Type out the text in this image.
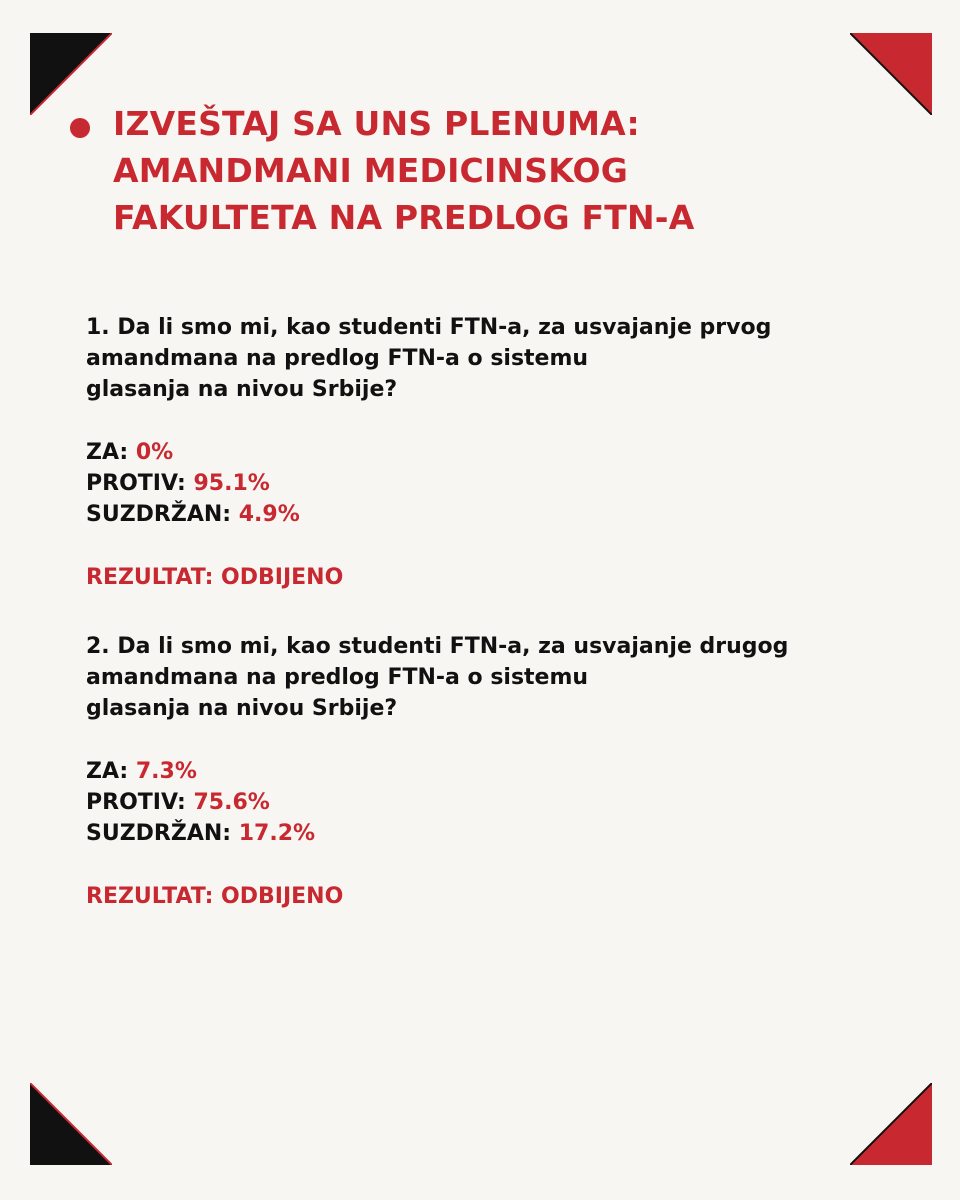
IZVEŠTAJ SA UNS PLENUMA:
AMANDMANI MEDICINSKOG
FAKULTETA NA PREDLOG FTN-A

1. Da li smo mi, kao studenti FTN-a, za usvajanje prvog
amandmana na predlog FTN-a o sistemu
glasanja na nivou Srbije?

ZA: 0%
PROTIV: 95.1%
SUZDRŽAN: 4.9%
REZULTAT: ODBIJENO

2. Da li smo mi, kao studenti FTN-a, za usvajanje drugog
amandmana na predlog FTN-a o sistemu
glasanja na nivou Srbije?

ZA: 7.3%
PROTIV: 75.6%
SUZDRŽAN: 17.2%
REZULTAT: ODBIJENO
